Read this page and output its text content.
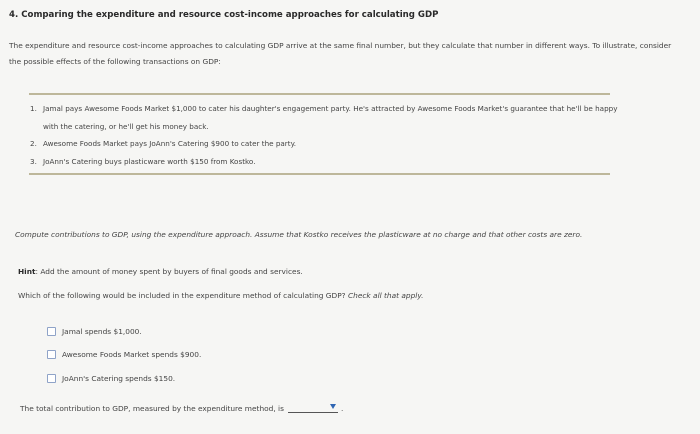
4. Comparing the expenditure and resource cost-income approaches for calculating GDP
The expenditure and resource cost-income approaches to calculating GDP arrive at the same final number, but they calculate that number in different ways. To illustrate, consider the possible effects of the following transactions on GDP:
1. Jamal pays Awesome Foods Market $1,000 to cater his daughter's engagement party. He's attracted by Awesome Foods Market's guarantee that he'll be happy with the catering, or he'll get his money back.
2. Awesome Foods Market pays JoAnn's Catering $900 to cater the party.
3. JoAnn's Catering buys plasticware worth $150 from Kostko.
Compute contributions to GDP, using the expenditure approach. Assume that Kostko receives the plasticware at no charge and that other costs are zero.
Hint: Add the amount of money spent by buyers of final goods and services.
Which of the following would be included in the expenditure method of calculating GDP? Check all that apply.
Jamal spends $1,000.
Awesome Foods Market spends $900.
JoAnn's Catering spends $150.
The total contribution to GDP, measured by the expenditure method, is	.
